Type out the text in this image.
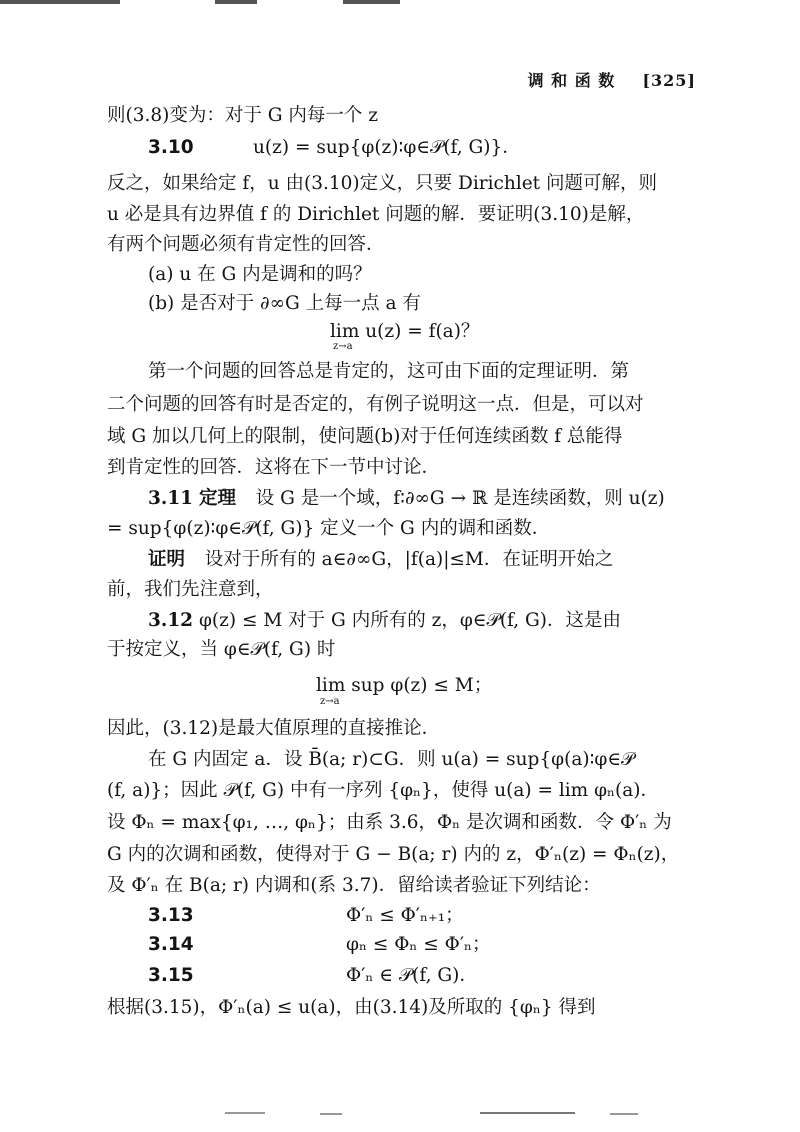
调 和 函 数 [325]
则(3.8)变为：对于 G 内每一个 z
3.10	u(z) = sup{φ(z)∶φ∈𝒫(f, G)}．
反之，如果给定 f，u 由(3.10)定义，只要 Dirichlet 问题可解，则
u 必是具有边界值 f 的 Dirichlet 问题的解．要证明(3.10)是解，
有两个问题必须有肯定性的回答．
(a) u 在 G 内是调和的吗？
(b) 是否对于 ∂∞G 上每一点 a 有
lim u(z) = f(a)？
z→a
第一个问题的回答总是肯定的，这可由下面的定理证明．第
二个问题的回答有时是否定的，有例子说明这一点．但是，可以对
域 G 加以几何上的限制，使问题(b)对于任何连续函数 f 总能得
到肯定性的回答．这将在下一节中讨论．
3.11 定理 设 G 是一个域，f∶∂∞G → ℝ 是连续函数，则 u(z)
= sup{φ(z)∶φ∈𝒫(f, G)} 定义一个 G 内的调和函数．
证明 设对于所有的 a∈∂∞G，|f(a)|≤M．在证明开始之
前，我们先注意到，
3.12 φ(z) ≤ M 对于 G 内所有的 z，φ∈𝒫(f, G)．这是由
于按定义，当 φ∈𝒫(f, G) 时
lim sup φ(z) ≤ M；
z→a
因此，(3.12)是最大值原理的直接推论．
在 G 内固定 a．设 B̄(a; r)⊂G．则 u(a) = sup{φ(a)∶φ∈𝒫
(f, a)}；因此 𝒫(f, G) 中有一序列 {φₙ}，使得 u(a) = lim φₙ(a)．
设 Φₙ = max{φ₁, …, φₙ}；由系 3.6，Φₙ 是次调和函数．令 Φ′ₙ 为
G 内的次调和函数，使得对于 G − B(a; r) 内的 z，Φ′ₙ(z) = Φₙ(z)，
及 Φ′ₙ 在 B(a; r) 内调和(系 3.7)．留给读者验证下列结论：
3.13	Φ′ₙ ≤ Φ′ₙ₊₁；
3.14	φₙ ≤ Φₙ ≤ Φ′ₙ；
3.15	Φ′ₙ ∈ 𝒫(f, G)．
根据(3.15)，Φ′ₙ(a) ≤ u(a)，由(3.14)及所取的 {φₙ} 得到
